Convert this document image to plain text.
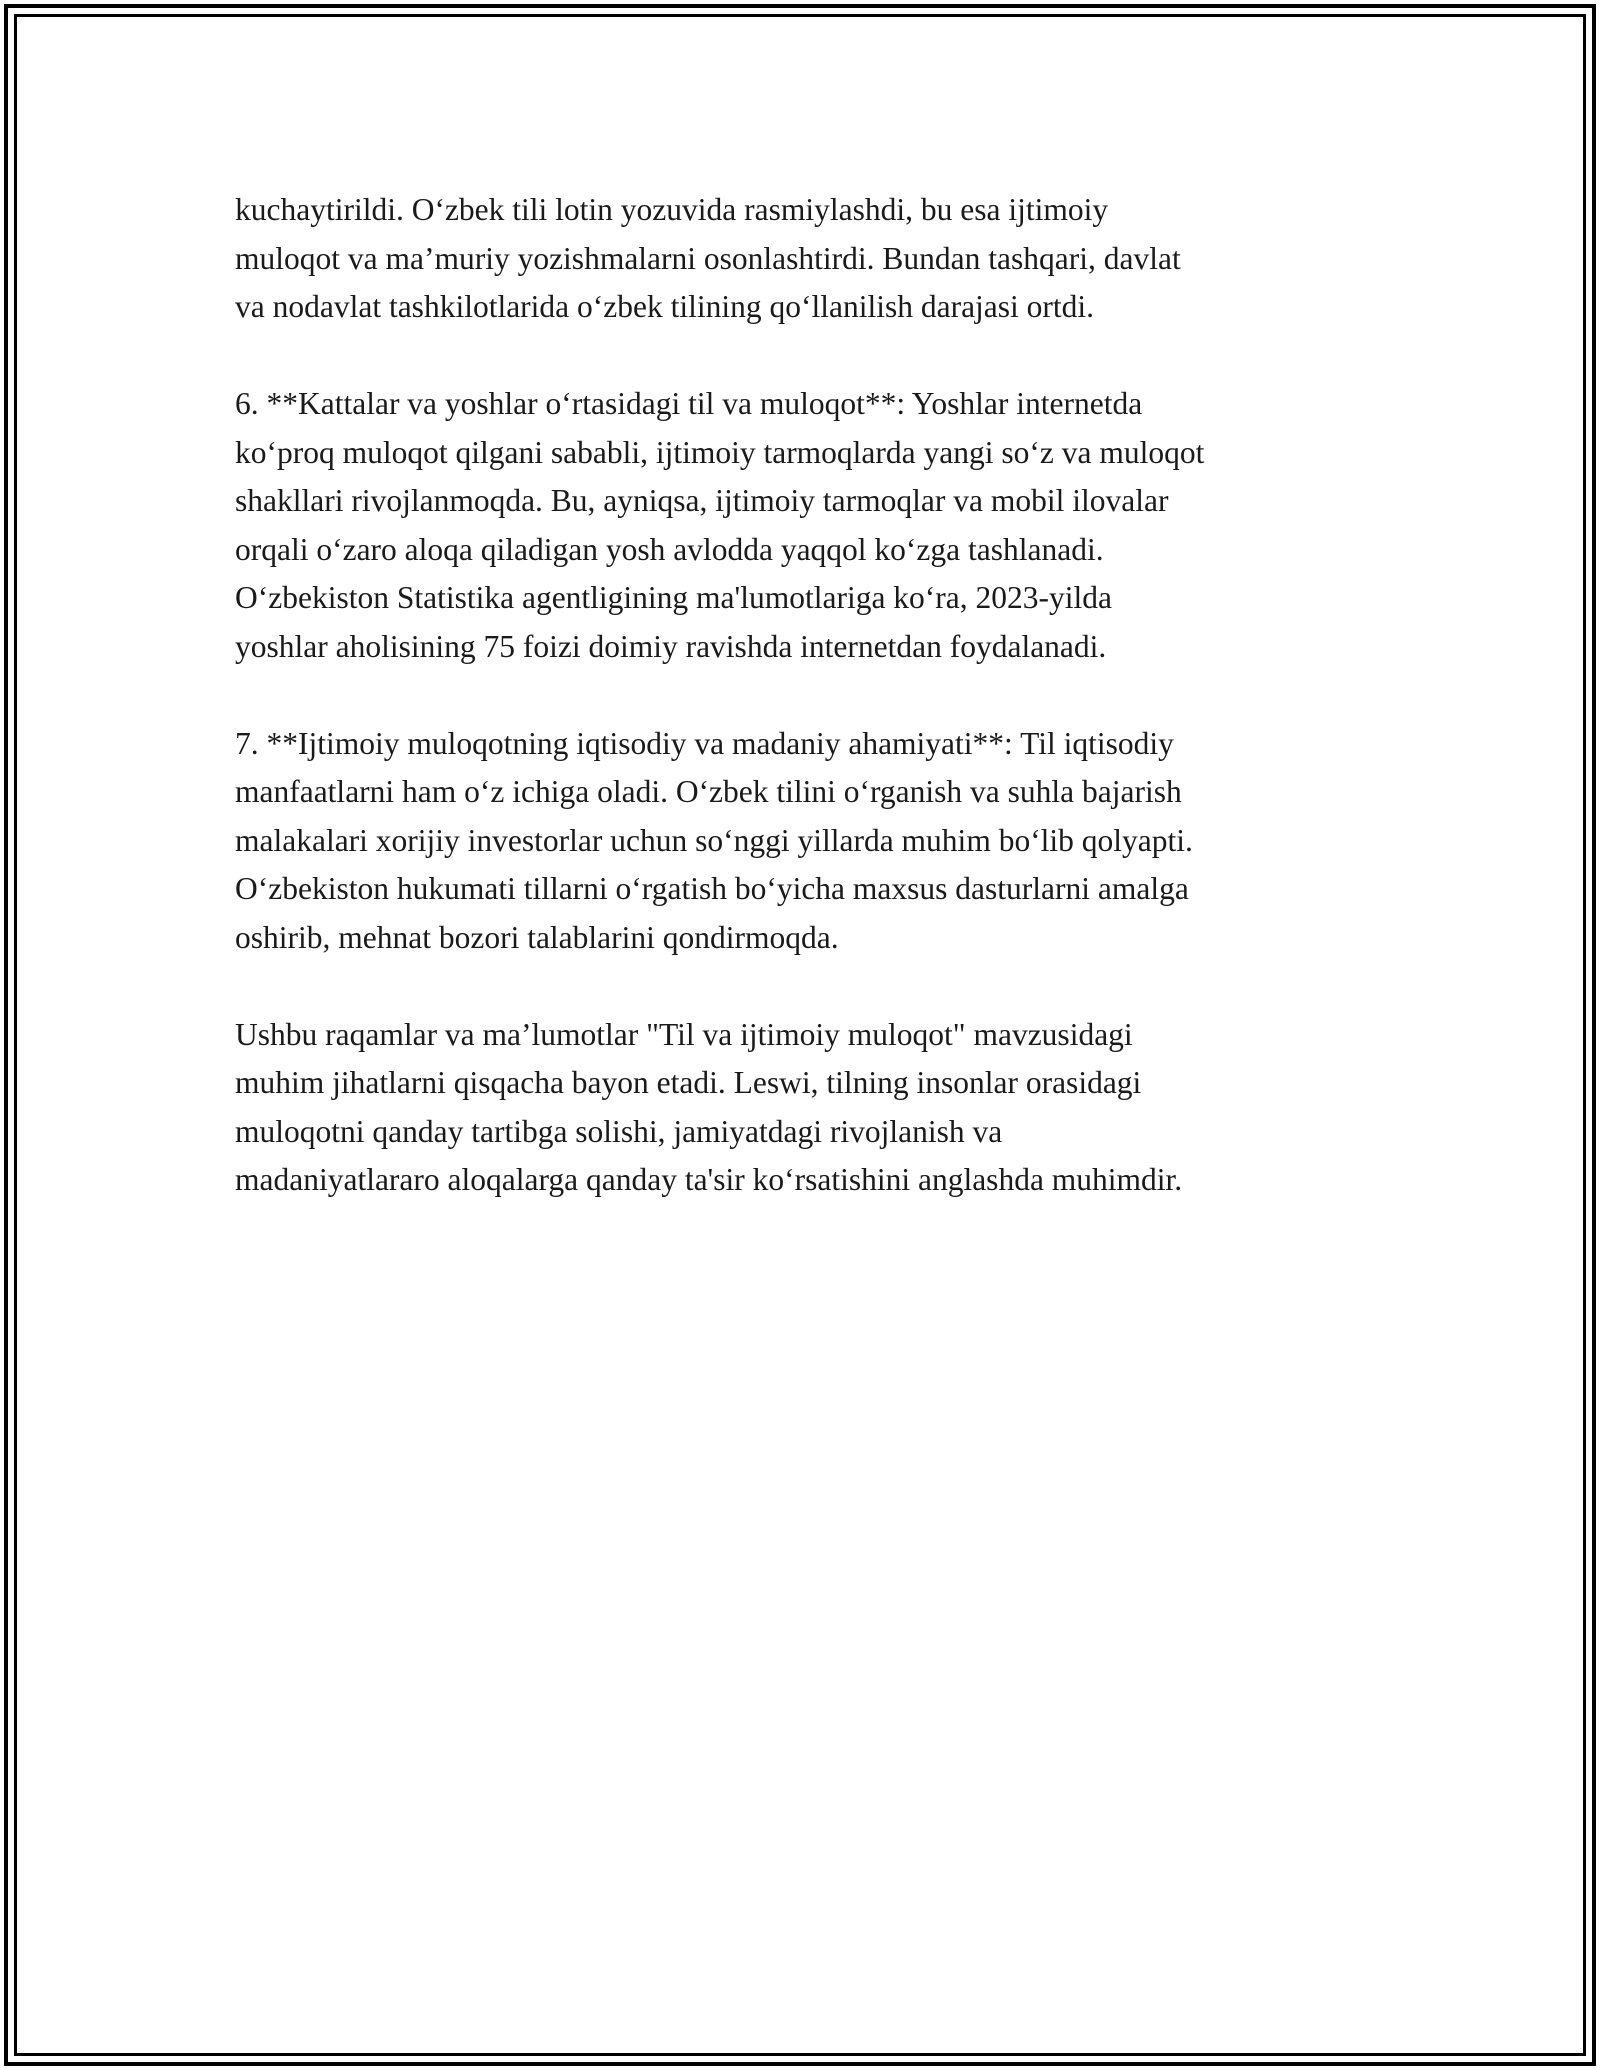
kuchaytirildi. O‘zbek tili lotin yozuvida rasmiylashdi, bu esa ijtimoiy
muloqot va ma’muriy yozishmalarni osonlashtirdi. Bundan tashqari, davlat
va nodavlat tashkilotlarida o‘zbek tilining qo‘llanilish darajasi ortdi.

6. **Kattalar va yoshlar o‘rtasidagi til va muloqot**: Yoshlar internetda
ko‘proq muloqot qilgani sababli, ijtimoiy tarmoqlarda yangi so‘z va muloqot
shakllari rivojlanmoqda. Bu, ayniqsa, ijtimoiy tarmoqlar va mobil ilovalar
orqali o‘zaro aloqa qiladigan yosh avlodda yaqqol ko‘zga tashlanadi.
O‘zbekiston Statistika agentligining ma'lumotlariga ko‘ra, 2023-yilda
yoshlar aholisining 75 foizi doimiy ravishda internetdan foydalanadi.

7. **Ijtimoiy muloqotning iqtisodiy va madaniy ahamiyati**: Til iqtisodiy
manfaatlarni ham o‘z ichiga oladi. O‘zbek tilini o‘rganish va suhla bajarish
malakalari xorijiy investorlar uchun so‘nggi yillarda muhim bo‘lib qolyapti.
O‘zbekiston hukumati tillarni o‘rgatish bo‘yicha maxsus dasturlarni amalga
oshirib, mehnat bozori talablarini qondirmoqda.

Ushbu raqamlar va ma’lumotlar "Til va ijtimoiy muloqot" mavzusidagi
muhim jihatlarni qisqacha bayon etadi. Leswi, tilning insonlar orasidagi
muloqotni qanday tartibga solishi, jamiyatdagi rivojlanish va
madaniyatlararo aloqalarga qanday ta'sir ko‘rsatishini anglashda muhimdir.
